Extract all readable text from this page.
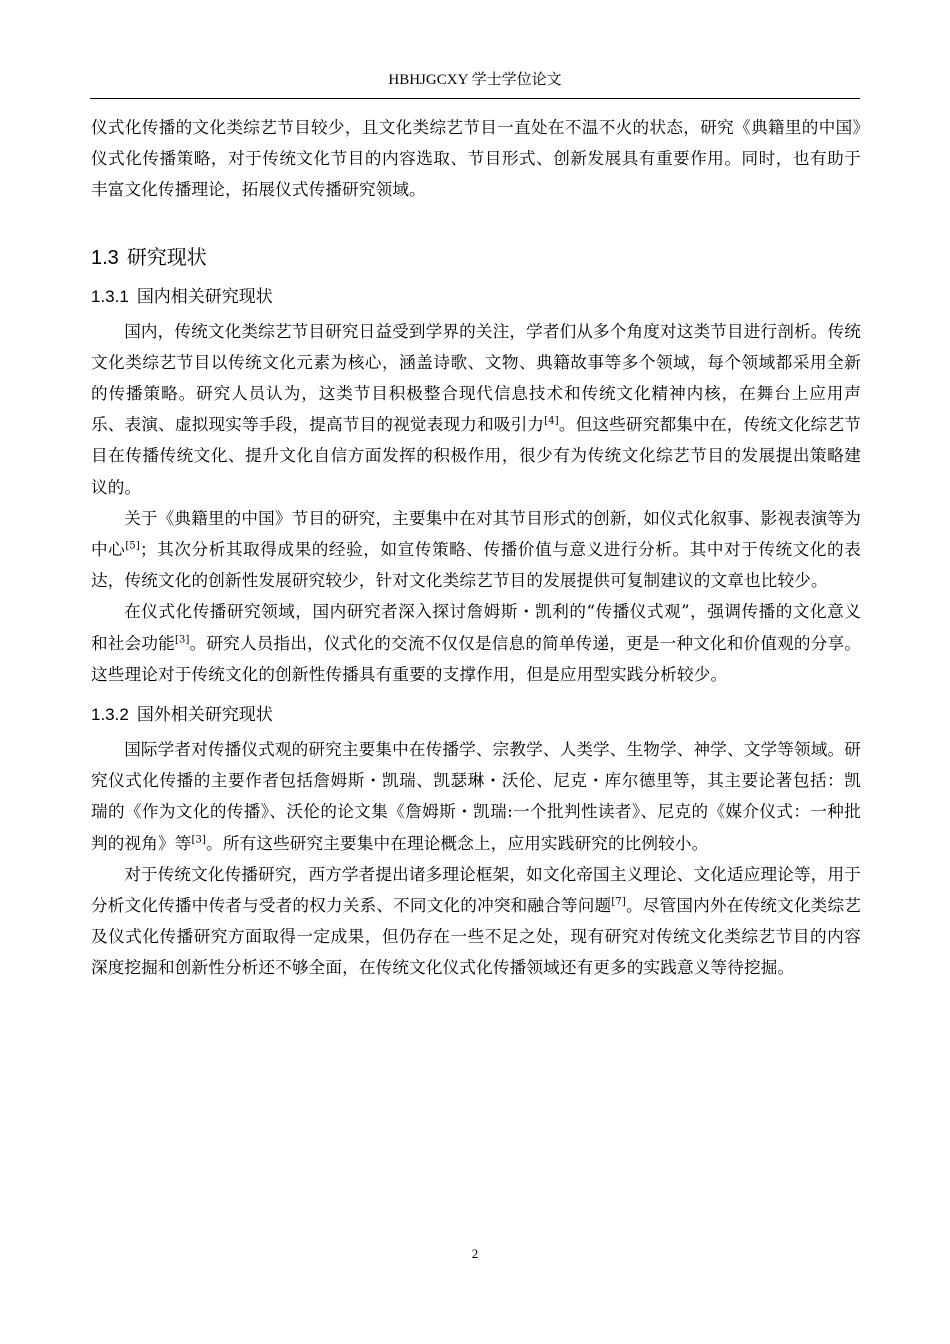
HBHJGCXY 学士学位论文

仪式化传播的文化类综艺节目较少，且文化类综艺节目一直处在不温不火的状态，研究《典籍里的中国》仪式化传播策略，对于传统文化节目的内容选取、节目形式、创新发展具有重要作用。同时，也有助于丰富文化传播理论，拓展仪式传播研究领域。

1.3 研究现状
1.3.1 国内相关研究现状

国内，传统文化类综艺节目研究日益受到学界的关注，学者们从多个角度对这类节目进行剖析。传统文化类综艺节目以传统文化元素为核心，涵盖诗歌、文物、典籍故事等多个领域，每个领域都采用全新的传播策略。研究人员认为，这类节目积极整合现代信息技术和传统文化精神内核，在舞台上应用声乐、表演、虚拟现实等手段，提高节目的视觉表现力和吸引力[4]。但这些研究都集中在，传统文化综艺节目在传播传统文化、提升文化自信方面发挥的积极作用，很少有为传统文化综艺节目的发展提出策略建议的。

关于《典籍里的中国》节目的研究，主要集中在对其节目形式的创新，如仪式化叙事、影视表演等为中心[5]；其次分析其取得成果的经验，如宣传策略、传播价值与意义进行分析。其中对于传统文化的表达，传统文化的创新性发展研究较少，针对文化类综艺节目的发展提供可复制建议的文章也比较少。

在仪式化传播研究领域，国内研究者深入探讨詹姆斯・凯利的“传播仪式观”，强调传播的文化意义和社会功能[3]。研究人员指出，仪式化的交流不仅仅是信息的简单传递，更是一种文化和价值观的分享。这些理论对于传统文化的创新性传播具有重要的支撑作用，但是应用型实践分析较少。

1.3.2 国外相关研究现状

国际学者对传播仪式观的研究主要集中在传播学、宗教学、人类学、生物学、神学、文学等领域。研究仪式化传播的主要作者包括詹姆斯・凯瑞、凯瑟琳・沃伦、尼克・库尔德里等，其主要论著包括：凯瑞的《作为文化的传播》、沃伦的论文集《詹姆斯・凯瑞:一个批判性读者》、尼克的《媒介仪式：一种批判的视角》等[3]。所有这些研究主要集中在理论概念上，应用实践研究的比例较小。

对于传统文化传播研究，西方学者提出诸多理论框架，如文化帝国主义理论、文化适应理论等，用于分析文化传播中传者与受者的权力关系、不同文化的冲突和融合等问题[7]。尽管国内外在传统文化类综艺及仪式化传播研究方面取得一定成果，但仍存在一些不足之处，现有研究对传统文化类综艺节目的内容深度挖掘和创新性分析还不够全面，在传统文化仪式化传播领域还有更多的实践意义等待挖掘。

2
